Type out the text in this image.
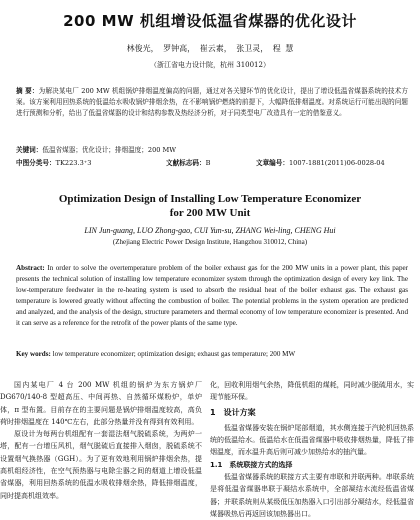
200 MW 机组增设低温省煤器的优化设计
林俊光， 罗钟高， 崔云素， 张卫灵， 程 慧
（浙江省电力设计院，杭州 310012）
摘 要：为解决某电厂 200 MW 机组锅炉排烟温度偏高的问题，通过对各关键环节的优化设计，提出了增设低温省煤器系统的技术方案。该方案利用回热系统的低温给水吸收锅炉排烟余热，在不影响锅炉燃烧的前提下，大幅降低排烟温度。对系统运行可能出现的问题进行预测和分析，给出了低温省煤器的设计和结构参数及热经济分析，对于同类型电厂改造具有一定的借鉴意义。
关键词：低温省煤器；优化设计；排烟温度；200 MW
中图分类号：TK223.3⁺3	文献标志码：B	文章编号：1007-1881(2011)06-0028-04
Optimization Design of Installing Low Temperature Economizer
for 200 MW Unit
LIN Jun-guang, LUO Zhong-gao, CUI Yun-su, ZHANG Wei-ling, CHENG Hui
(Zhejiang Electric Power Design Institute, Hangzhou 310012, China)
Abstract: In order to solve the overtemperature problem of the boiler exhaust gas for the 200 MW units in a power plant, this paper presents the technical solution of installing low temperature economizer system through the optimization design of every key link. The low-temperature feedwater in the re-heating system is used to absorb the residual heat of the boiler exhaust gas. The exhaust gas temperature is lowered greatly without affecting the combustion of boiler. The potential problems in the system operation are predicted and analyzed, and the analysis of the design, structure parameters and thermal economy of low temperature economizer is presented. And it can serve as a reference for the retrofit of the power plants of the same type.
Key words: low temperature economizer; optimization design; exhaust gas temperature; 200 MW

国内某电厂 4 台 200 MW 机组的锅炉为东方锅炉厂 DG670/140-8 型超高压、中间再热、自然循环煤粉炉，单炉体，π 型布置。目前存在的主要问题是锅炉排烟温度较高，高负荷时排烟温度在 140℃左右，此部分热量并没有得到有效利用。

原设计为每两台机组配有一套湿法烟气脱硫系统，为两炉一塔，配有一台增压风机，烟气脱硫后直接排入烟囱，脱硫系统不设置烟气换热器（GGH）。为了更有效地利用锅炉排烟余热，提高机组经济性，在空气预热器与电除尘器之间的烟道上增设低温省煤器，利用回热系统的低温水吸收排烟余热，降低排烟温度，同时提高机组效率。

化，回收利用烟气余热，降低机组的煤耗，同时减少脱硫用水，实现节能环保。

1　设计方案

低温省煤器安装在锅炉尾部烟道，其水侧连接于汽轮机回热系统的低温给水。低温给水在低温省煤器中吸收排烟热量，降低了排烟温度，而水温升高后则可减少加热给水的抽汽量。

1.1　系统联接方式的选择

低温省煤器系统的联接方式主要有串联和并联两种。串联系统是将低温省煤器串联于凝结水系统中，全部凝结水流经低温省煤器；并联系统则从某级低压加热器入口引出部分凝结水，经低温省煤器吸热后再返回该加热器出口。
